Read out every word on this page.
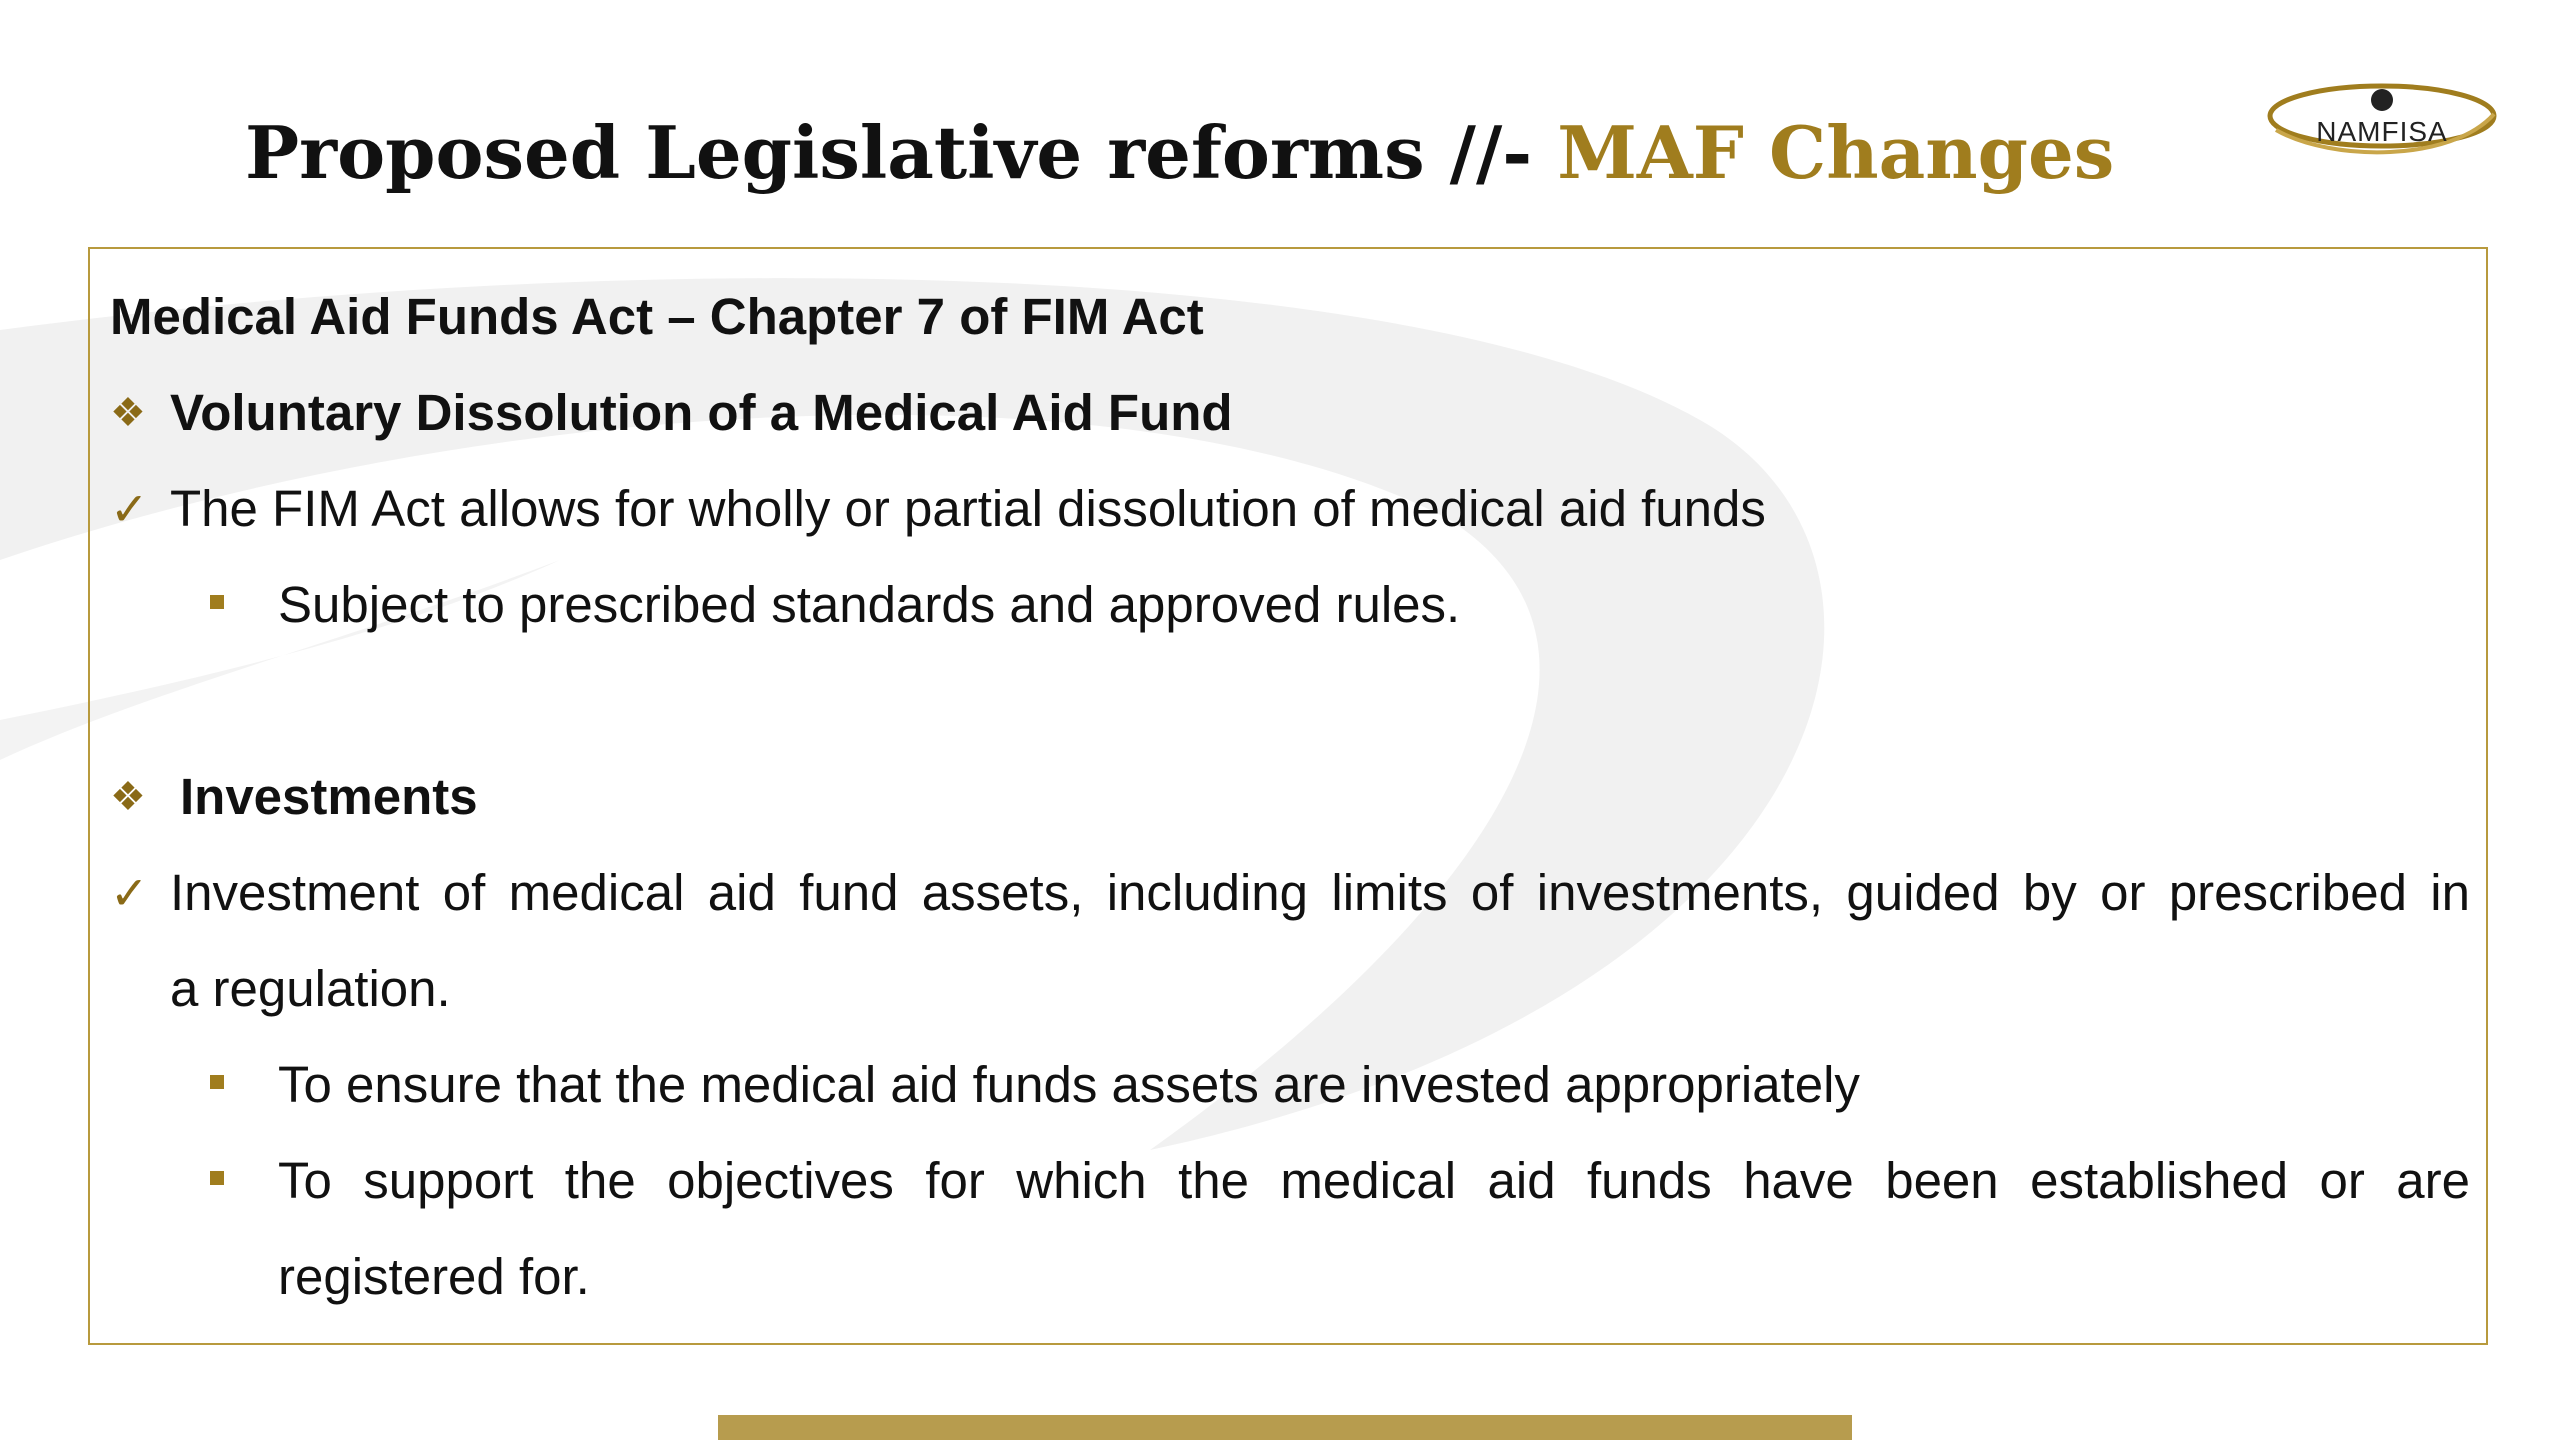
Proposed Legislative reforms //- MAF Changes	NAMFISA
Medical Aid Funds Act – Chapter 7 of FIM Act
❖ Voluntary Dissolution of a Medical Aid Fund
✓ The FIM Act allows for wholly or partial dissolution of medical aid funds
Subject to prescribed standards and approved rules.
❖ Investments
✓ Investment of medical aid fund assets, including limits of investments, guided by or prescribed in
a regulation.
To ensure that the medical aid funds assets are invested appropriately
To support the objectives for which the medical aid funds have been established or are
registered for.
